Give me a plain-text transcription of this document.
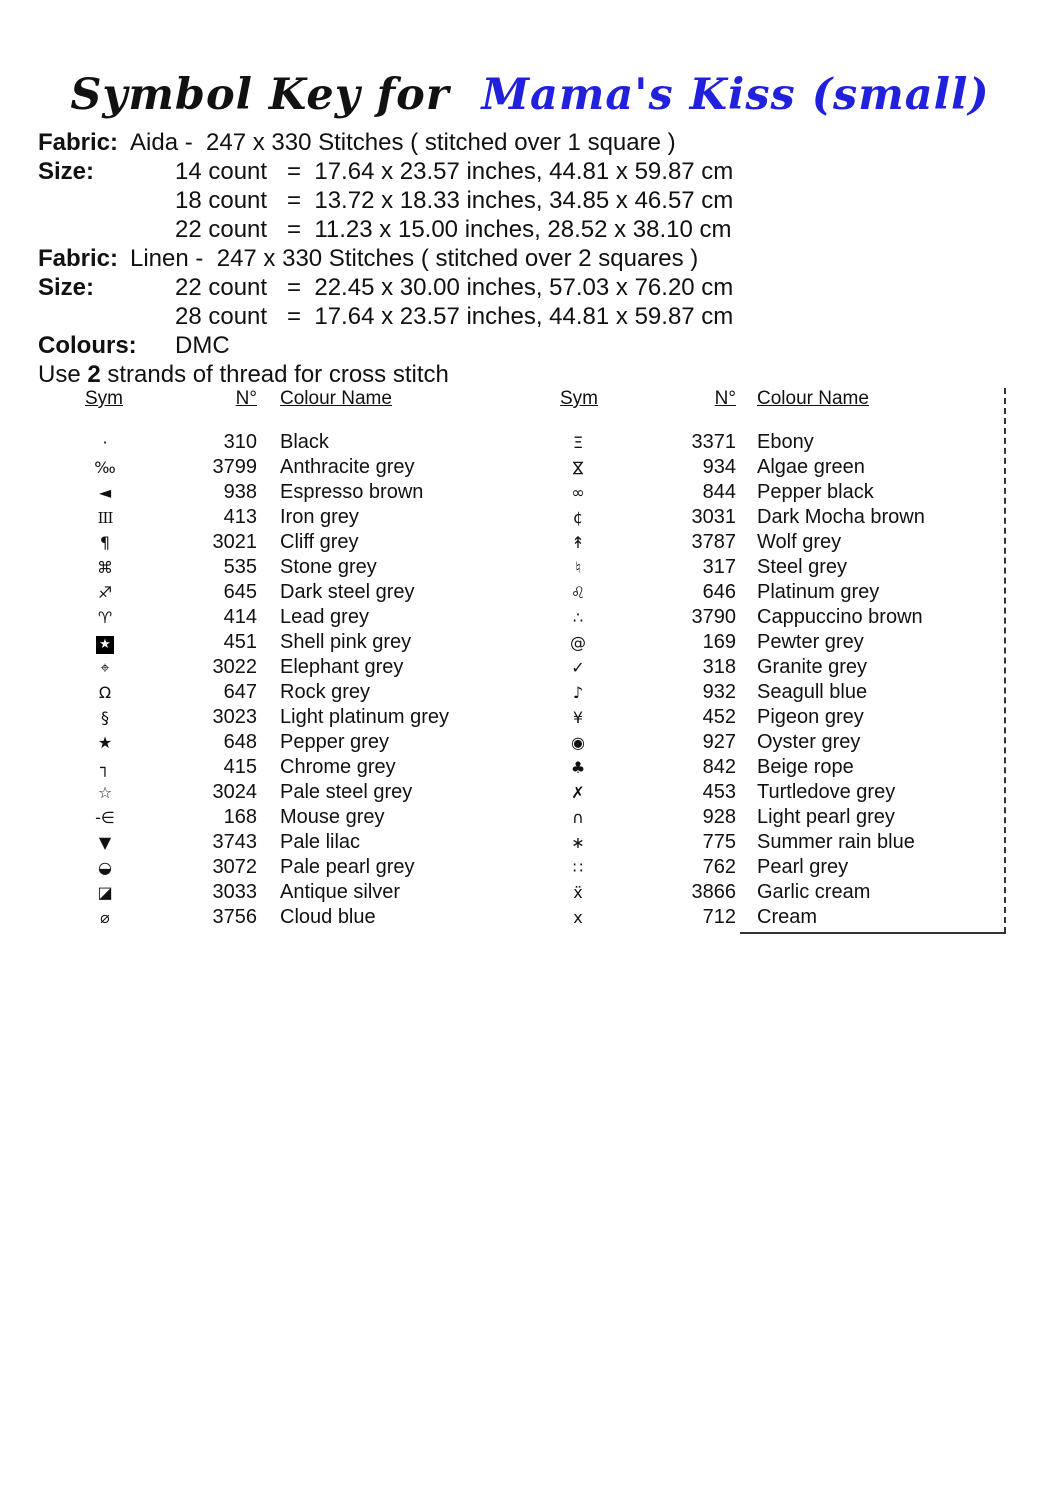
Symbol Key for  Mama's Kiss (small)
Fabric: Aida -  247 x 330 Stitches ( stitched over 1 square )
Size:	14 count =  17.64 x 23.57 inches, 44.81 x 59.87 cm
18 count =  13.72 x 18.33 inches, 34.85 x 46.57 cm
22 count =  11.23 x 15.00 inches, 28.52 x 38.10 cm
Fabric: Linen -  247 x 330 Stitches ( stitched over 2 squares )
Size:	22 count =  22.45 x 30.00 inches, 57.03 x 76.20 cm
28 count =  17.64 x 23.57 inches, 44.81 x 59.87 cm
Colours: DMC
Use 2 strands of thread for cross stitch
Sym	N°	Colour Name
·	310	Black
‰	3799	Anthracite grey
◄	938	Espresso brown
III	413	Iron grey
¶	3021	Cliff grey
⌘	535	Stone grey
♐	645	Dark steel grey
♈	414	Lead grey
★	451	Shell pink grey
⌖	3022	Elephant grey
Ω	647	Rock grey
§	3023	Light platinum grey
★	648	Pepper grey
┐	415	Chrome grey
☆	3024	Pale steel grey
-∈	168	Mouse grey
▼	3743	Pale lilac
◒	3072	Pale pearl grey
◪	3033	Antique silver
⌀	3756	Cloud blue
Sym	N°	Colour Name
Ξ	3371	Ebony
⋈	934	Algae green
∞	844	Pepper black
¢	3031	Dark Mocha brown
↟	3787	Wolf grey
♮	317	Steel grey
♌	646	Platinum grey
∴	3790	Cappuccino brown
@	169	Pewter grey
✓	318	Granite grey
♪	932	Seagull blue
¥	452	Pigeon grey
◉	927	Oyster grey
♣	842	Beige rope
✗	453	Turtledove grey
∩	928	Light pearl grey
∗	775	Summer rain blue
∷	762	Pearl grey
ẍ	3866	Garlic cream
x	712	Cream
